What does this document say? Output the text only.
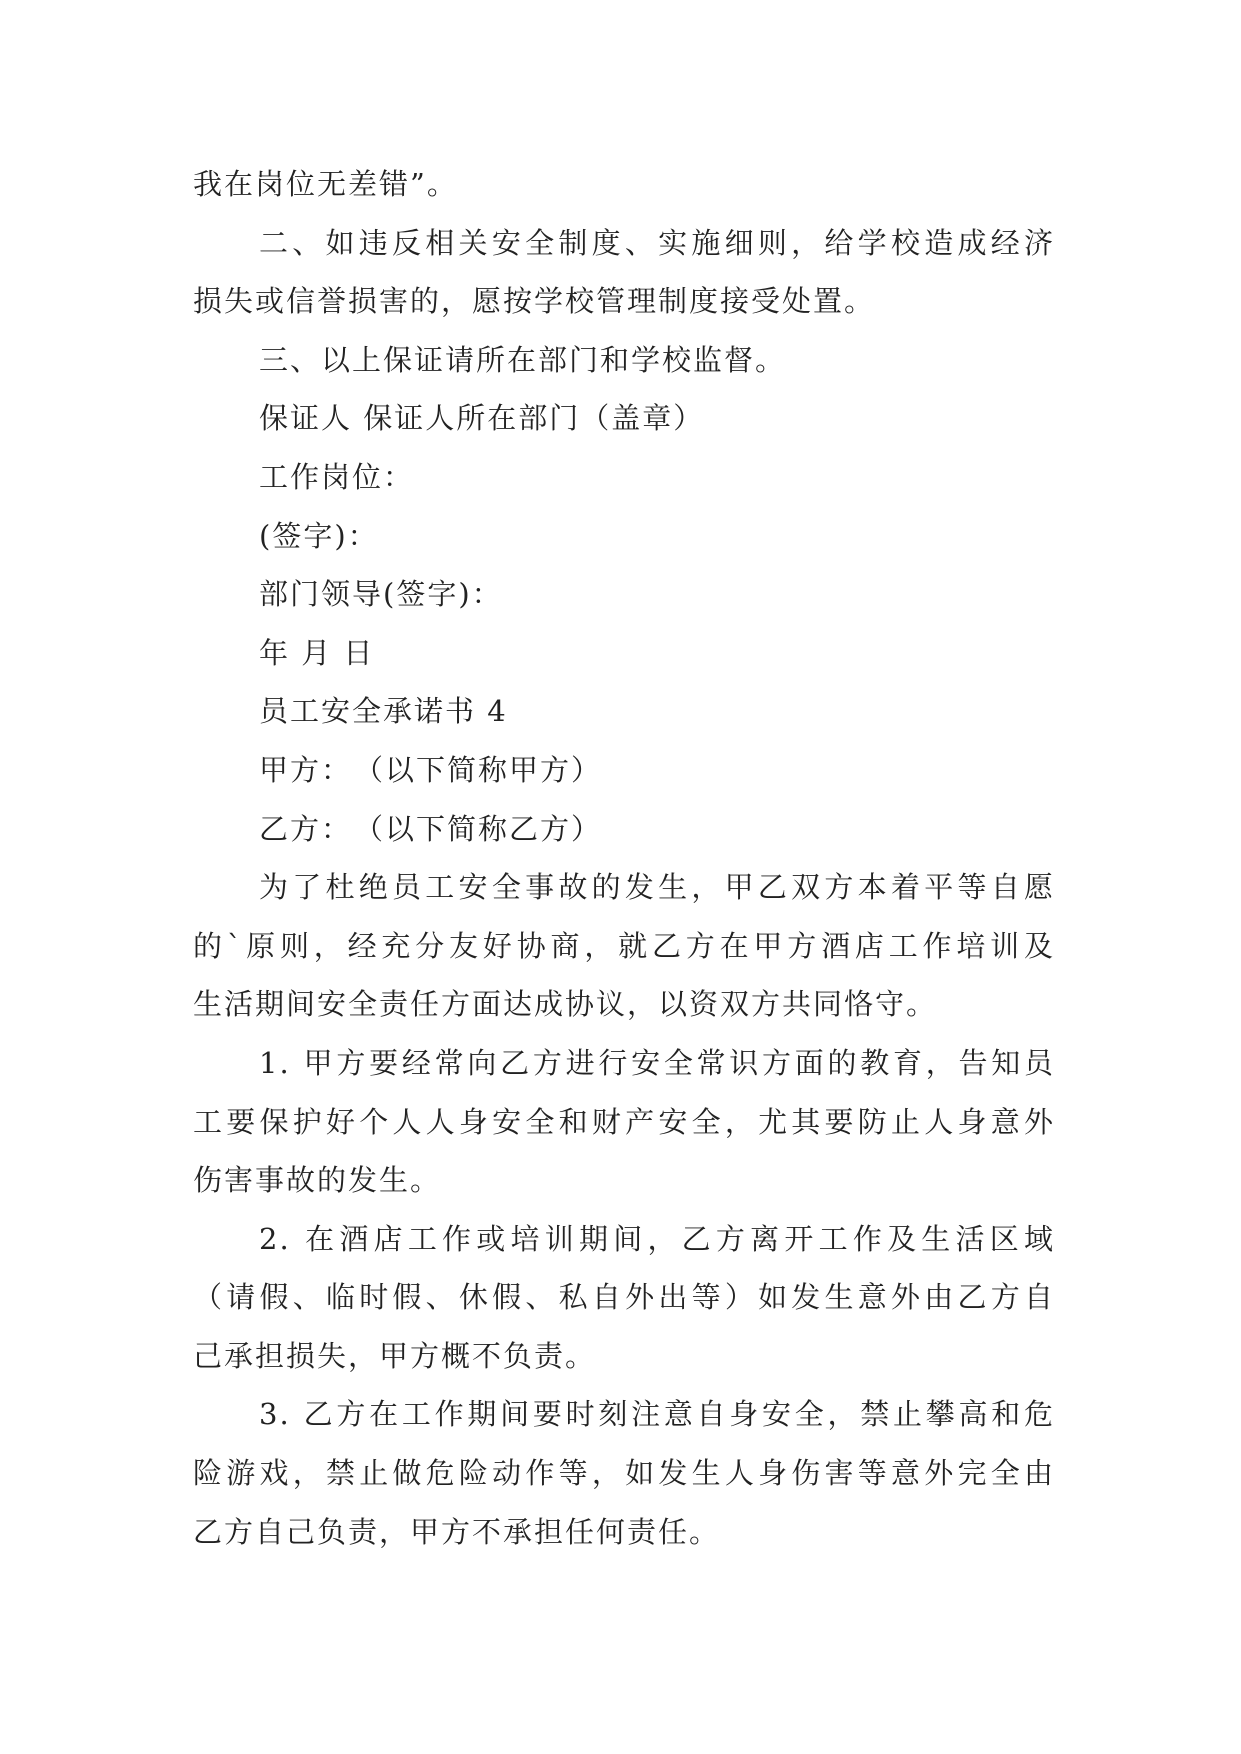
我在岗位无差错”。
二、如违反相关安全制度、实施细则，给学校造成经济
损失或信誉损害的，愿按学校管理制度接受处置。
三、以上保证请所在部门和学校监督。
保证人 保证人所在部门（盖章）
工作岗位：
(签字)：
部门领导(签字)：
年 月 日
员工安全承诺书 4
甲方：　（以下简称甲方）
乙方：　（以下简称乙方）
为了杜绝员工安全事故的发生，甲乙双方本着平等自愿
的`原则，经充分友好协商，就乙方在甲方酒店工作培训及
生活期间安全责任方面达成协议，以资双方共同恪守。
1. 甲方要经常向乙方进行安全常识方面的教育，告知员
工要保护好个人人身安全和财产安全，尤其要防止人身意外
伤害事故的发生。
2. 在酒店工作或培训期间，乙方离开工作及生活区域
（请假、临时假、休假、私自外出等）如发生意外由乙方自
己承担损失，甲方概不负责。
3. 乙方在工作期间要时刻注意自身安全，禁止攀高和危
险游戏，禁止做危险动作等，如发生人身伤害等意外完全由
乙方自己负责，甲方不承担任何责任。
